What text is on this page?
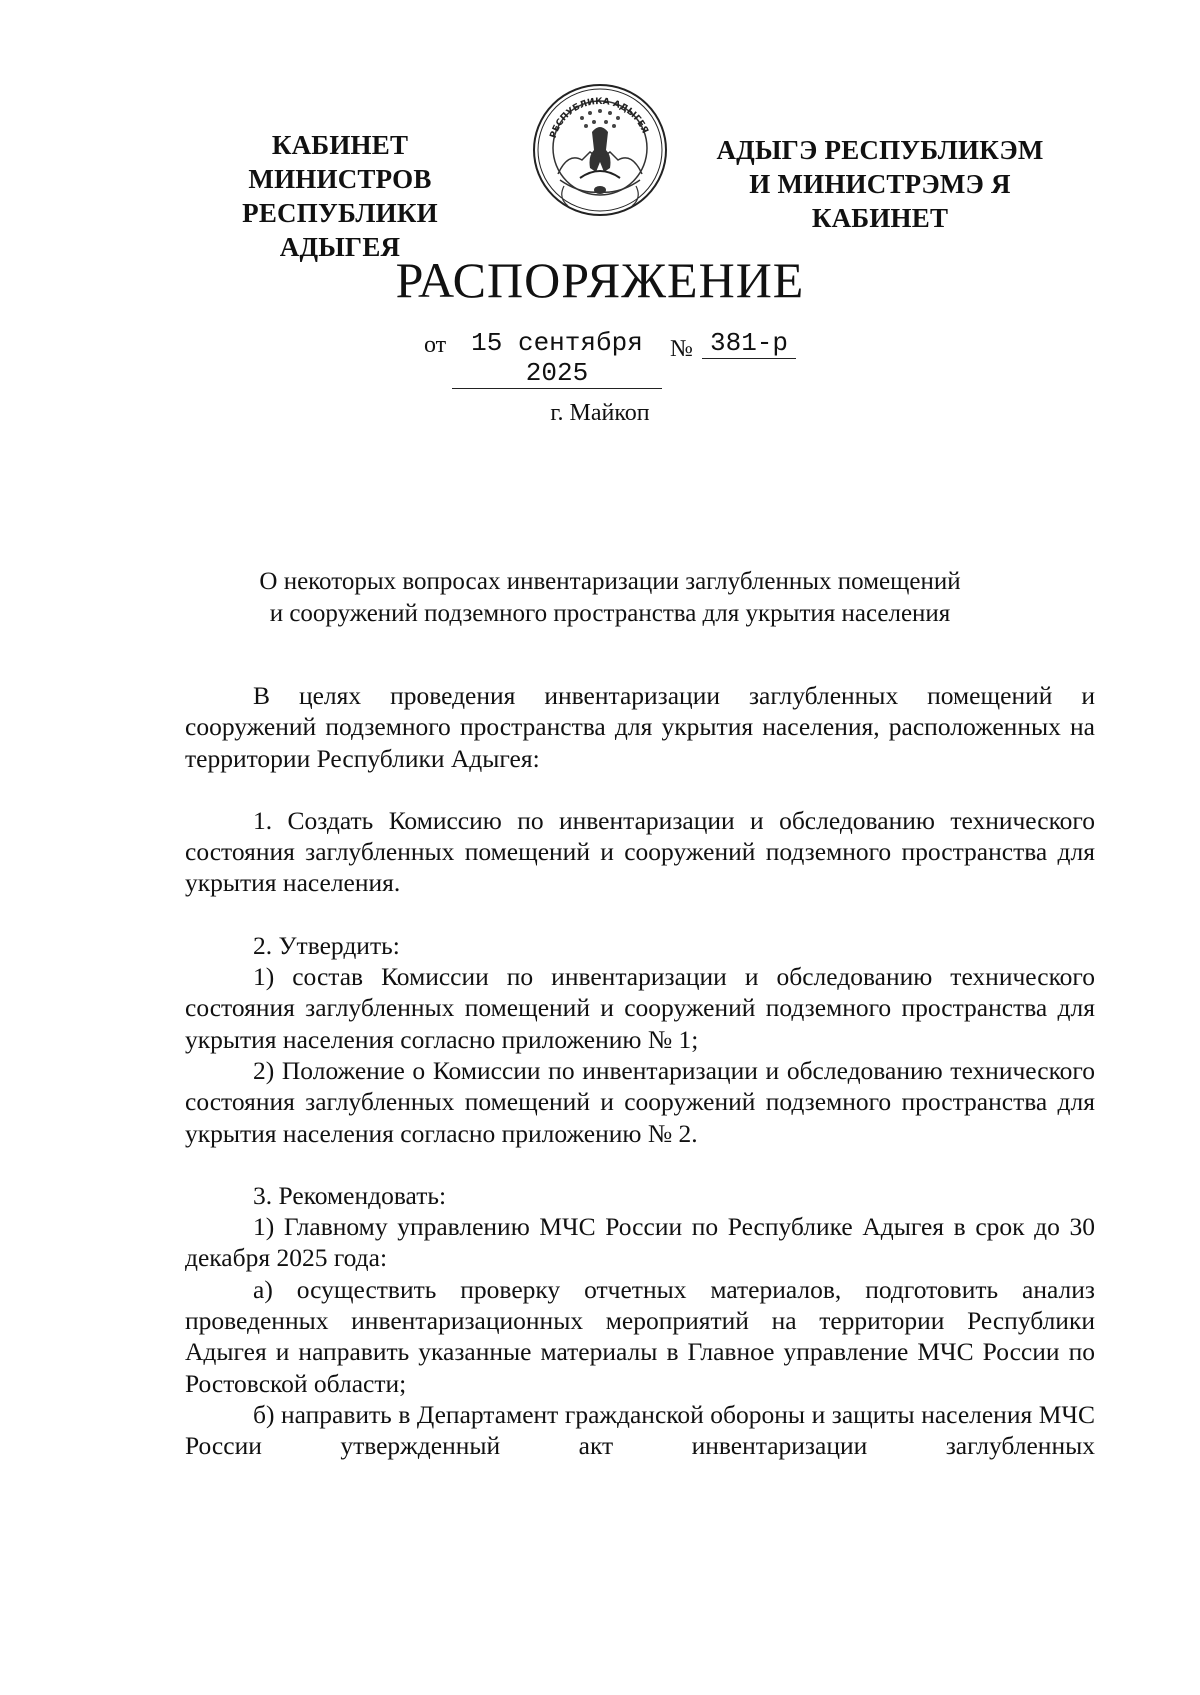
КАБИНЕТ МИНИСТРОВ
РЕСПУБЛИКИ АДЫГЕЯ
РЕСПУБЛИКА АДЫГЕЯ
АДЫГЭ РЕСПУБЛИКЭМ
И МИНИСТРЭМЭ Я КАБИНЕТ
РАСПОРЯЖЕНИЕ
от 15 сентября 2025
№ 381-р
г. Майкоп
О некоторых вопросах инвентаризации заглубленных помещений
и сооружений подземного пространства для укрытия населения

В целях проведения инвентаризации заглубленных помещений и сооружений подземного пространства для укрытия населения, расположенных на территории Республики Адыгея:

1. Создать Комиссию по инвентаризации и обследованию технического состояния заглубленных помещений и сооружений подземного пространства для укрытия населения.

2. Утвердить:

1) состав Комиссии по инвентаризации и обследованию технического состояния заглубленных помещений и сооружений подземного пространства для укрытия населения согласно приложению № 1;

2) Положение о Комиссии по инвентаризации и обследованию технического состояния заглубленных помещений и сооружений подземного пространства для укрытия населения согласно приложению № 2.

3. Рекомендовать:

1) Главному управлению МЧС России по Республике Адыгея в срок до 30 декабря 2025 года:

а) осуществить проверку отчетных материалов, подготовить анализ проведенных инвентаризационных мероприятий на территории Республики Адыгея и направить указанные материалы в Главное управление МЧС России по Ростовской области;

б) направить в Департамент гражданской обороны и защиты населения МЧС России утвержденный акт инвентаризации заглубленных
